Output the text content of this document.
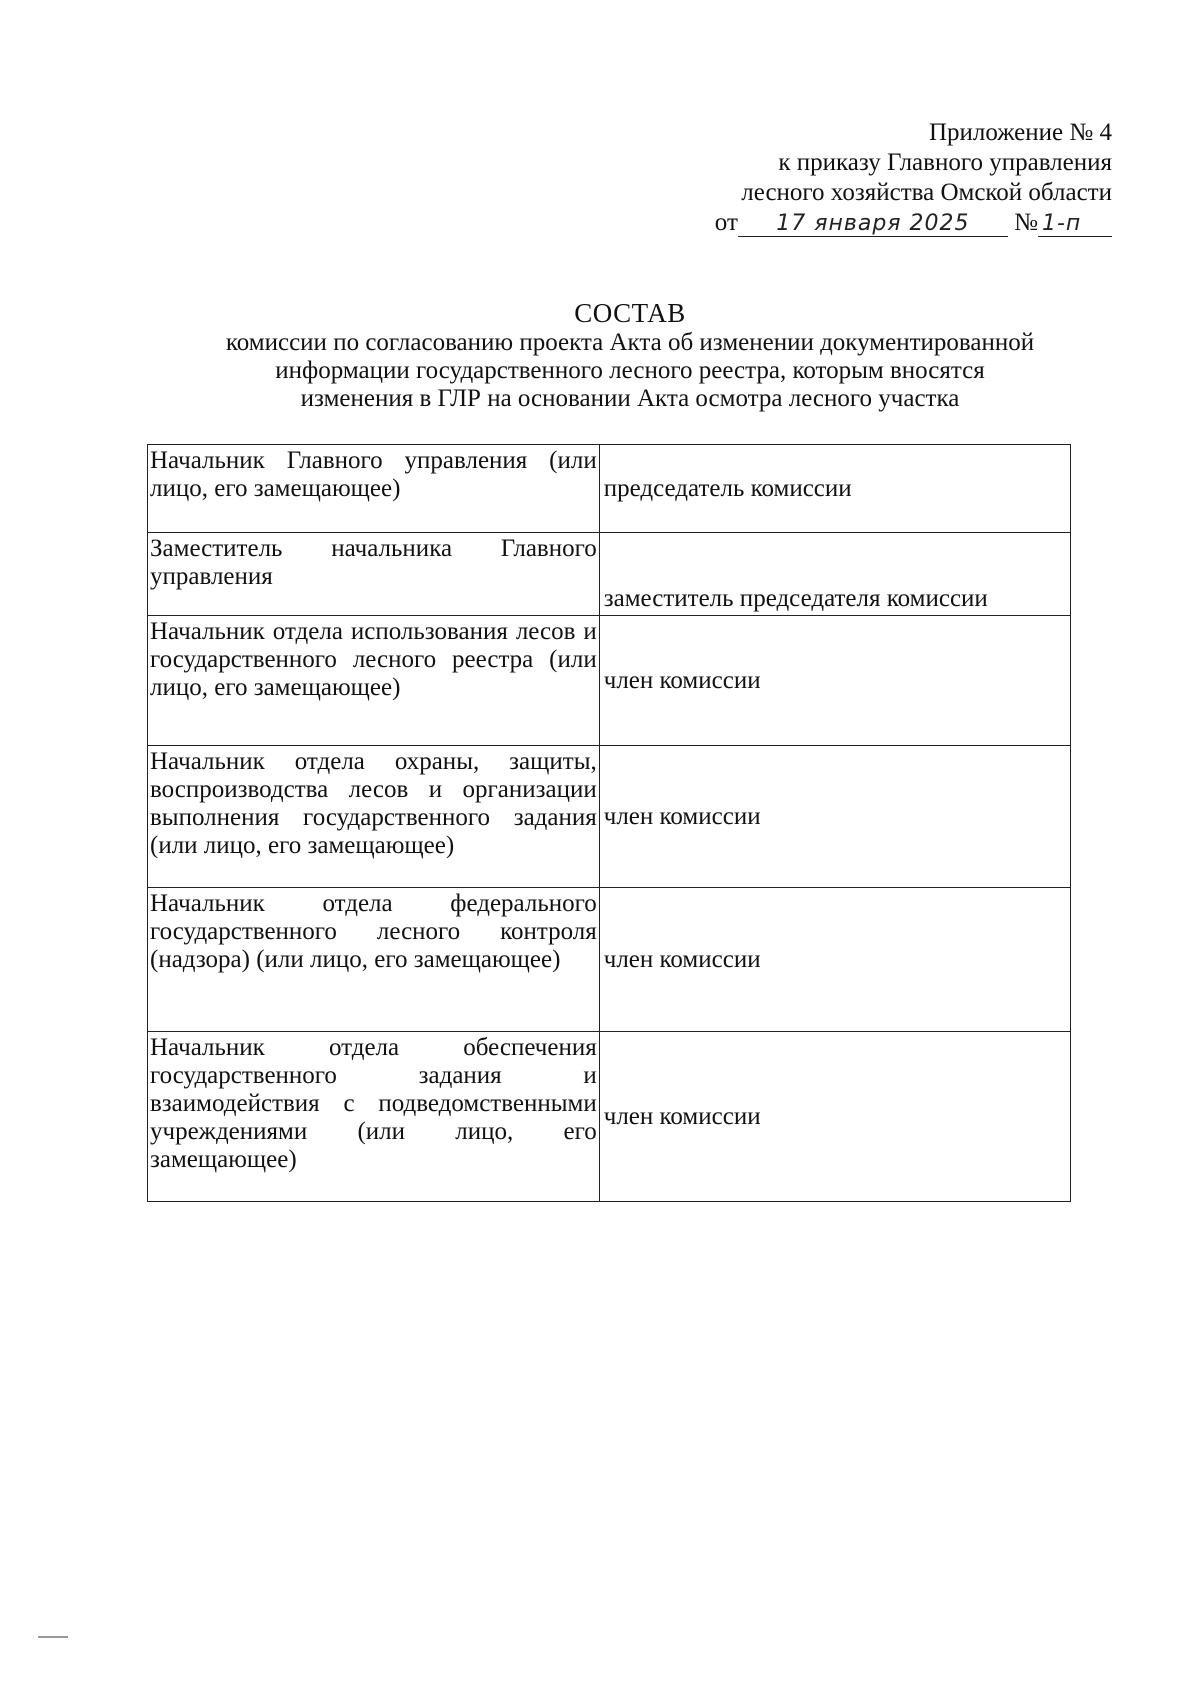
Приложение № 4
к приказу Главного управления
лесного хозяйства Омской области
от 17 января 2025 № 1-п
СОСТАВ
комиссии по согласованию проекта Акта об изменении документированной
информации государственного лесного реестра, которым вносятся
изменения в ГЛР на основании Акта осмотра лесного участка
Начальник Главного управления (или лицо, его замещающее)	председатель комиссии
Заместитель начальника Главного управления	заместитель председателя комиссии
Начальник отдела использования лесов и государственного лесного реестра (или лицо, его замещающее)	член комиссии
Начальник отдела охраны, защиты, воспроизводства лесов и организации выполнения государственного задания (или лицо, его замещающее)	член комиссии
Начальник отдела федерального государственного лесного контроля (надзора) (или лицо, его замещающее)	член комиссии
Начальник отдела обеспечения государственного задания и взаимодействия с подведомственными учреждениями (или лицо, его замещающее)	член комиссии
